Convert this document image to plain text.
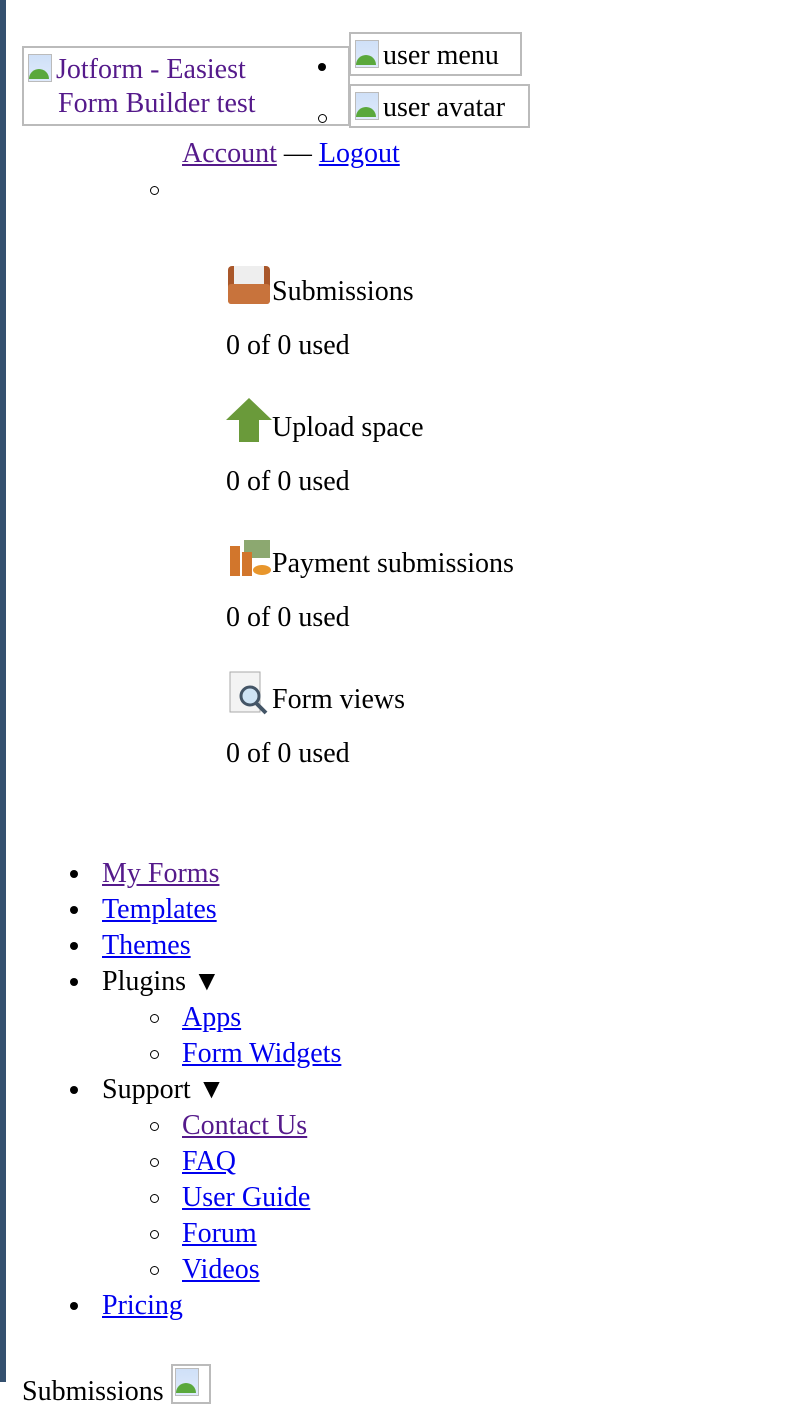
Jotform - Easiest
Form Builder test
user menu
user avatar
Account — Logout
Submissions
0 of 0 used
Upload space
0 of 0 used
Payment submissions
0 of 0 used
Form views
0 of 0 used
My Forms
Templates
Themes
Plugins ▼
Apps
Form Widgets
Support ▼
Contact Us
FAQ
User Guide
Forum
Videos
Pricing
Submissions
